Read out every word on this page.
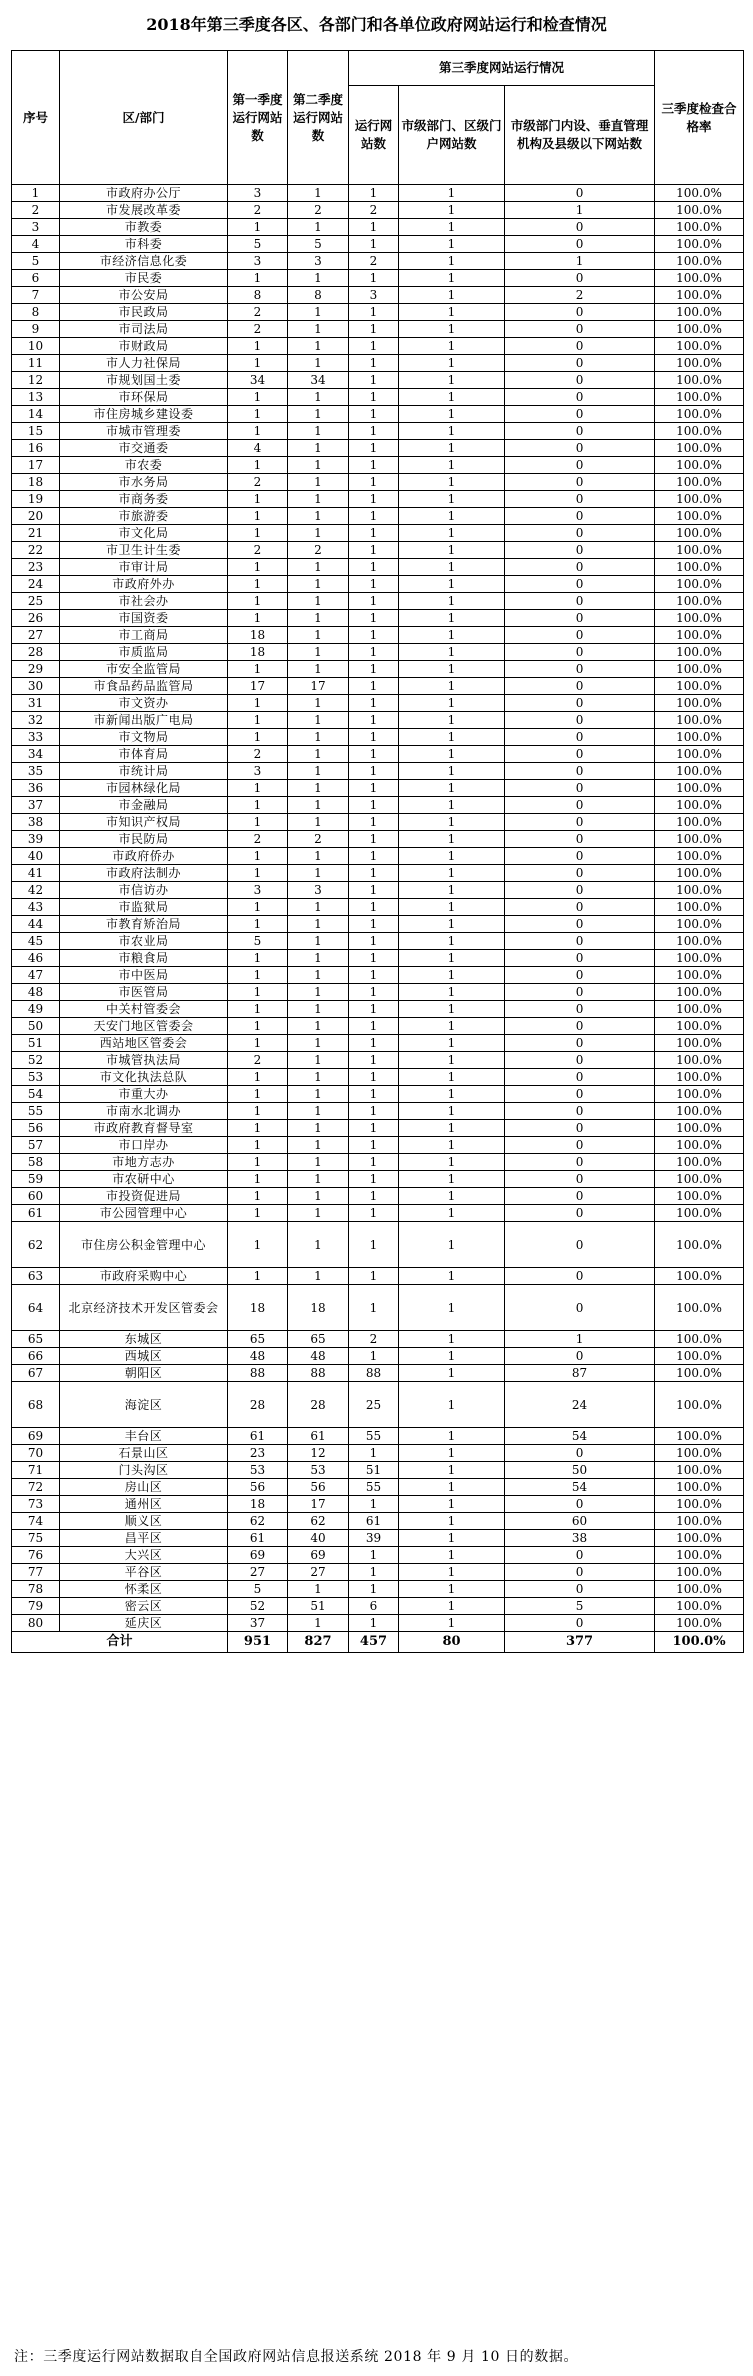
2018年第三季度各区、各部门和各单位政府网站运行和检查情况
序号	区/部门	第一季度运行网站数	第二季度运行网站数	第三季度网站运行情况			三季度检查合格率
				运行网站数	市级部门、区级门户网站数	市级部门内设、垂直管理机构及县级以下网站数	
1	市政府办公厅	3	1	1	1	0	100.0%
2	市发展改革委	2	2	2	1	1	100.0%
3	市教委	1	1	1	1	0	100.0%
4	市科委	5	5	1	1	0	100.0%
5	市经济信息化委	3	3	2	1	1	100.0%
6	市民委	1	1	1	1	0	100.0%
7	市公安局	8	8	3	1	2	100.0%
8	市民政局	2	1	1	1	0	100.0%
9	市司法局	2	1	1	1	0	100.0%
10	市财政局	1	1	1	1	0	100.0%
11	市人力社保局	1	1	1	1	0	100.0%
12	市规划国土委	34	34	1	1	0	100.0%
13	市环保局	1	1	1	1	0	100.0%
14	市住房城乡建设委	1	1	1	1	0	100.0%
15	市城市管理委	1	1	1	1	0	100.0%
16	市交通委	4	1	1	1	0	100.0%
17	市农委	1	1	1	1	0	100.0%
18	市水务局	2	1	1	1	0	100.0%
19	市商务委	1	1	1	1	0	100.0%
20	市旅游委	1	1	1	1	0	100.0%
21	市文化局	1	1	1	1	0	100.0%
22	市卫生计生委	2	2	1	1	0	100.0%
23	市审计局	1	1	1	1	0	100.0%
24	市政府外办	1	1	1	1	0	100.0%
25	市社会办	1	1	1	1	0	100.0%
26	市国资委	1	1	1	1	0	100.0%
27	市工商局	18	1	1	1	0	100.0%
28	市质监局	18	1	1	1	0	100.0%
29	市安全监管局	1	1	1	1	0	100.0%
30	市食品药品监管局	17	17	1	1	0	100.0%
31	市文资办	1	1	1	1	0	100.0%
32	市新闻出版广电局	1	1	1	1	0	100.0%
33	市文物局	1	1	1	1	0	100.0%
34	市体育局	2	1	1	1	0	100.0%
35	市统计局	3	1	1	1	0	100.0%
36	市园林绿化局	1	1	1	1	0	100.0%
37	市金融局	1	1	1	1	0	100.0%
38	市知识产权局	1	1	1	1	0	100.0%
39	市民防局	2	2	1	1	0	100.0%
40	市政府侨办	1	1	1	1	0	100.0%
41	市政府法制办	1	1	1	1	0	100.0%
42	市信访办	3	3	1	1	0	100.0%
43	市监狱局	1	1	1	1	0	100.0%
44	市教育矫治局	1	1	1	1	0	100.0%
45	市农业局	5	1	1	1	0	100.0%
46	市粮食局	1	1	1	1	0	100.0%
47	市中医局	1	1	1	1	0	100.0%
48	市医管局	1	1	1	1	0	100.0%
49	中关村管委会	1	1	1	1	0	100.0%
50	天安门地区管委会	1	1	1	1	0	100.0%
51	西站地区管委会	1	1	1	1	0	100.0%
52	市城管执法局	2	1	1	1	0	100.0%
53	市文化执法总队	1	1	1	1	0	100.0%
54	市重大办	1	1	1	1	0	100.0%
55	市南水北调办	1	1	1	1	0	100.0%
56	市政府教育督导室	1	1	1	1	0	100.0%
57	市口岸办	1	1	1	1	0	100.0%
58	市地方志办	1	1	1	1	0	100.0%
59	市农研中心	1	1	1	1	0	100.0%
60	市投资促进局	1	1	1	1	0	100.0%
61	市公园管理中心	1	1	1	1	0	100.0%
62	市住房公积金管理中心	1	1	1	1	0	100.0%
63	市政府采购中心	1	1	1	1	0	100.0%
64	北京经济技术开发区管委会	18	18	1	1	0	100.0%
65	东城区	65	65	2	1	1	100.0%
66	西城区	48	48	1	1	0	100.0%
67	朝阳区	88	88	88	1	87	100.0%
68	海淀区	28	28	25	1	24	100.0%
69	丰台区	61	61	55	1	54	100.0%
70	石景山区	23	12	1	1	0	100.0%
71	门头沟区	53	53	51	1	50	100.0%
72	房山区	56	56	55	1	54	100.0%
73	通州区	18	17	1	1	0	100.0%
74	顺义区	62	62	61	1	60	100.0%
75	昌平区	61	40	39	1	38	100.0%
76	大兴区	69	69	1	1	0	100.0%
77	平谷区	27	27	1	1	0	100.0%
78	怀柔区	5	1	1	1	0	100.0%
79	密云区	52	51	6	1	5	100.0%
80	延庆区	37	1	1	1	0	100.0%
合计		951	827	457	80	377	100.0%
注：三季度运行网站数据取自全国政府网站信息报送系统 2018 年 9 月 10 日的数据。
